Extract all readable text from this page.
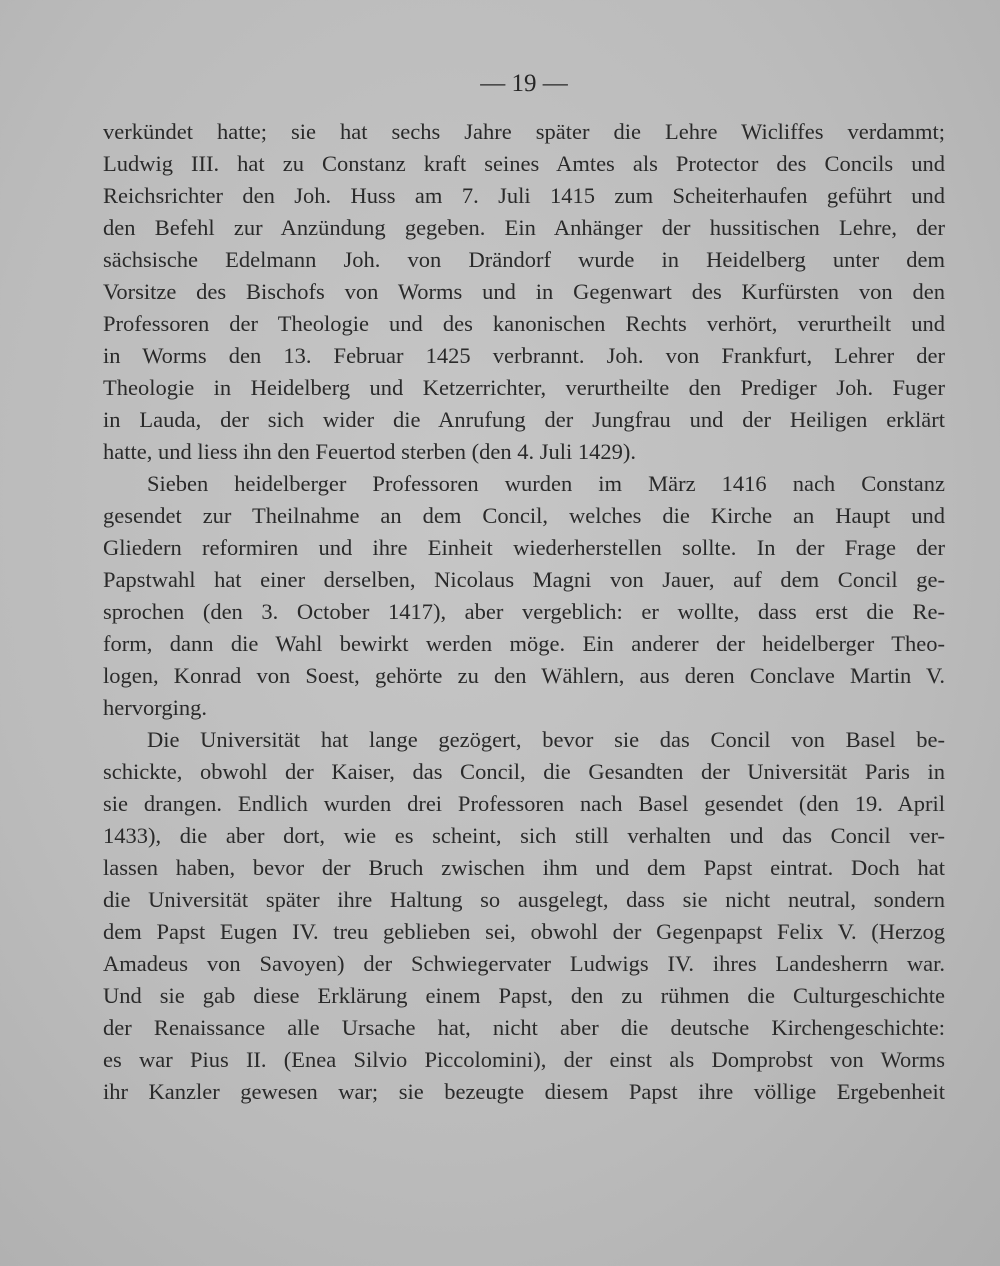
— 19 —
verkündet hatte; sie hat sechs Jahre später die Lehre Wicliffes verdammt;
Ludwig III. hat zu Constanz kraft seines Amtes als Protector des Concils und
Reichsrichter den Joh. Huss am 7. Juli 1415 zum Scheiterhaufen geführt und
den Befehl zur Anzündung gegeben. Ein Anhänger der hussitischen Lehre, der
sächsische Edelmann Joh. von Drändorf wurde in Heidelberg unter dem
Vorsitze des Bischofs von Worms und in Gegenwart des Kurfürsten von den
Professoren der Theologie und des kanonischen Rechts verhört, verurtheilt und
in Worms den 13. Februar 1425 verbrannt. Joh. von Frankfurt, Lehrer der
Theologie in Heidelberg und Ketzerrichter, verurtheilte den Prediger Joh. Fuger
in Lauda, der sich wider die Anrufung der Jungfrau und der Heiligen erklärt
hatte, und liess ihn den Feuertod sterben (den 4. Juli 1429).
Sieben heidelberger Professoren wurden im März 1416 nach Constanz
gesendet zur Theilnahme an dem Concil, welches die Kirche an Haupt und
Gliedern reformiren und ihre Einheit wiederherstellen sollte. In der Frage der
Papstwahl hat einer derselben, Nicolaus Magni von Jauer, auf dem Concil ge-
sprochen (den 3. October 1417), aber vergeblich: er wollte, dass erst die Re-
form, dann die Wahl bewirkt werden möge. Ein anderer der heidelberger Theo-
logen, Konrad von Soest, gehörte zu den Wählern, aus deren Conclave Martin V.
hervorging.
Die Universität hat lange gezögert, bevor sie das Concil von Basel be-
schickte, obwohl der Kaiser, das Concil, die Gesandten der Universität Paris in
sie drangen. Endlich wurden drei Professoren nach Basel gesendet (den 19. April
1433), die aber dort, wie es scheint, sich still verhalten und das Concil ver-
lassen haben, bevor der Bruch zwischen ihm und dem Papst eintrat. Doch hat
die Universität später ihre Haltung so ausgelegt, dass sie nicht neutral, sondern
dem Papst Eugen IV. treu geblieben sei, obwohl der Gegenpapst Felix V. (Herzog
Amadeus von Savoyen) der Schwiegervater Ludwigs IV. ihres Landesherrn war.
Und sie gab diese Erklärung einem Papst, den zu rühmen die Culturgeschichte
der Renaissance alle Ursache hat, nicht aber die deutsche Kirchengeschichte:
es war Pius II. (Enea Silvio Piccolomini), der einst als Domprobst von Worms
ihr Kanzler gewesen war; sie bezeugte diesem Papst ihre völlige Ergebenheit
